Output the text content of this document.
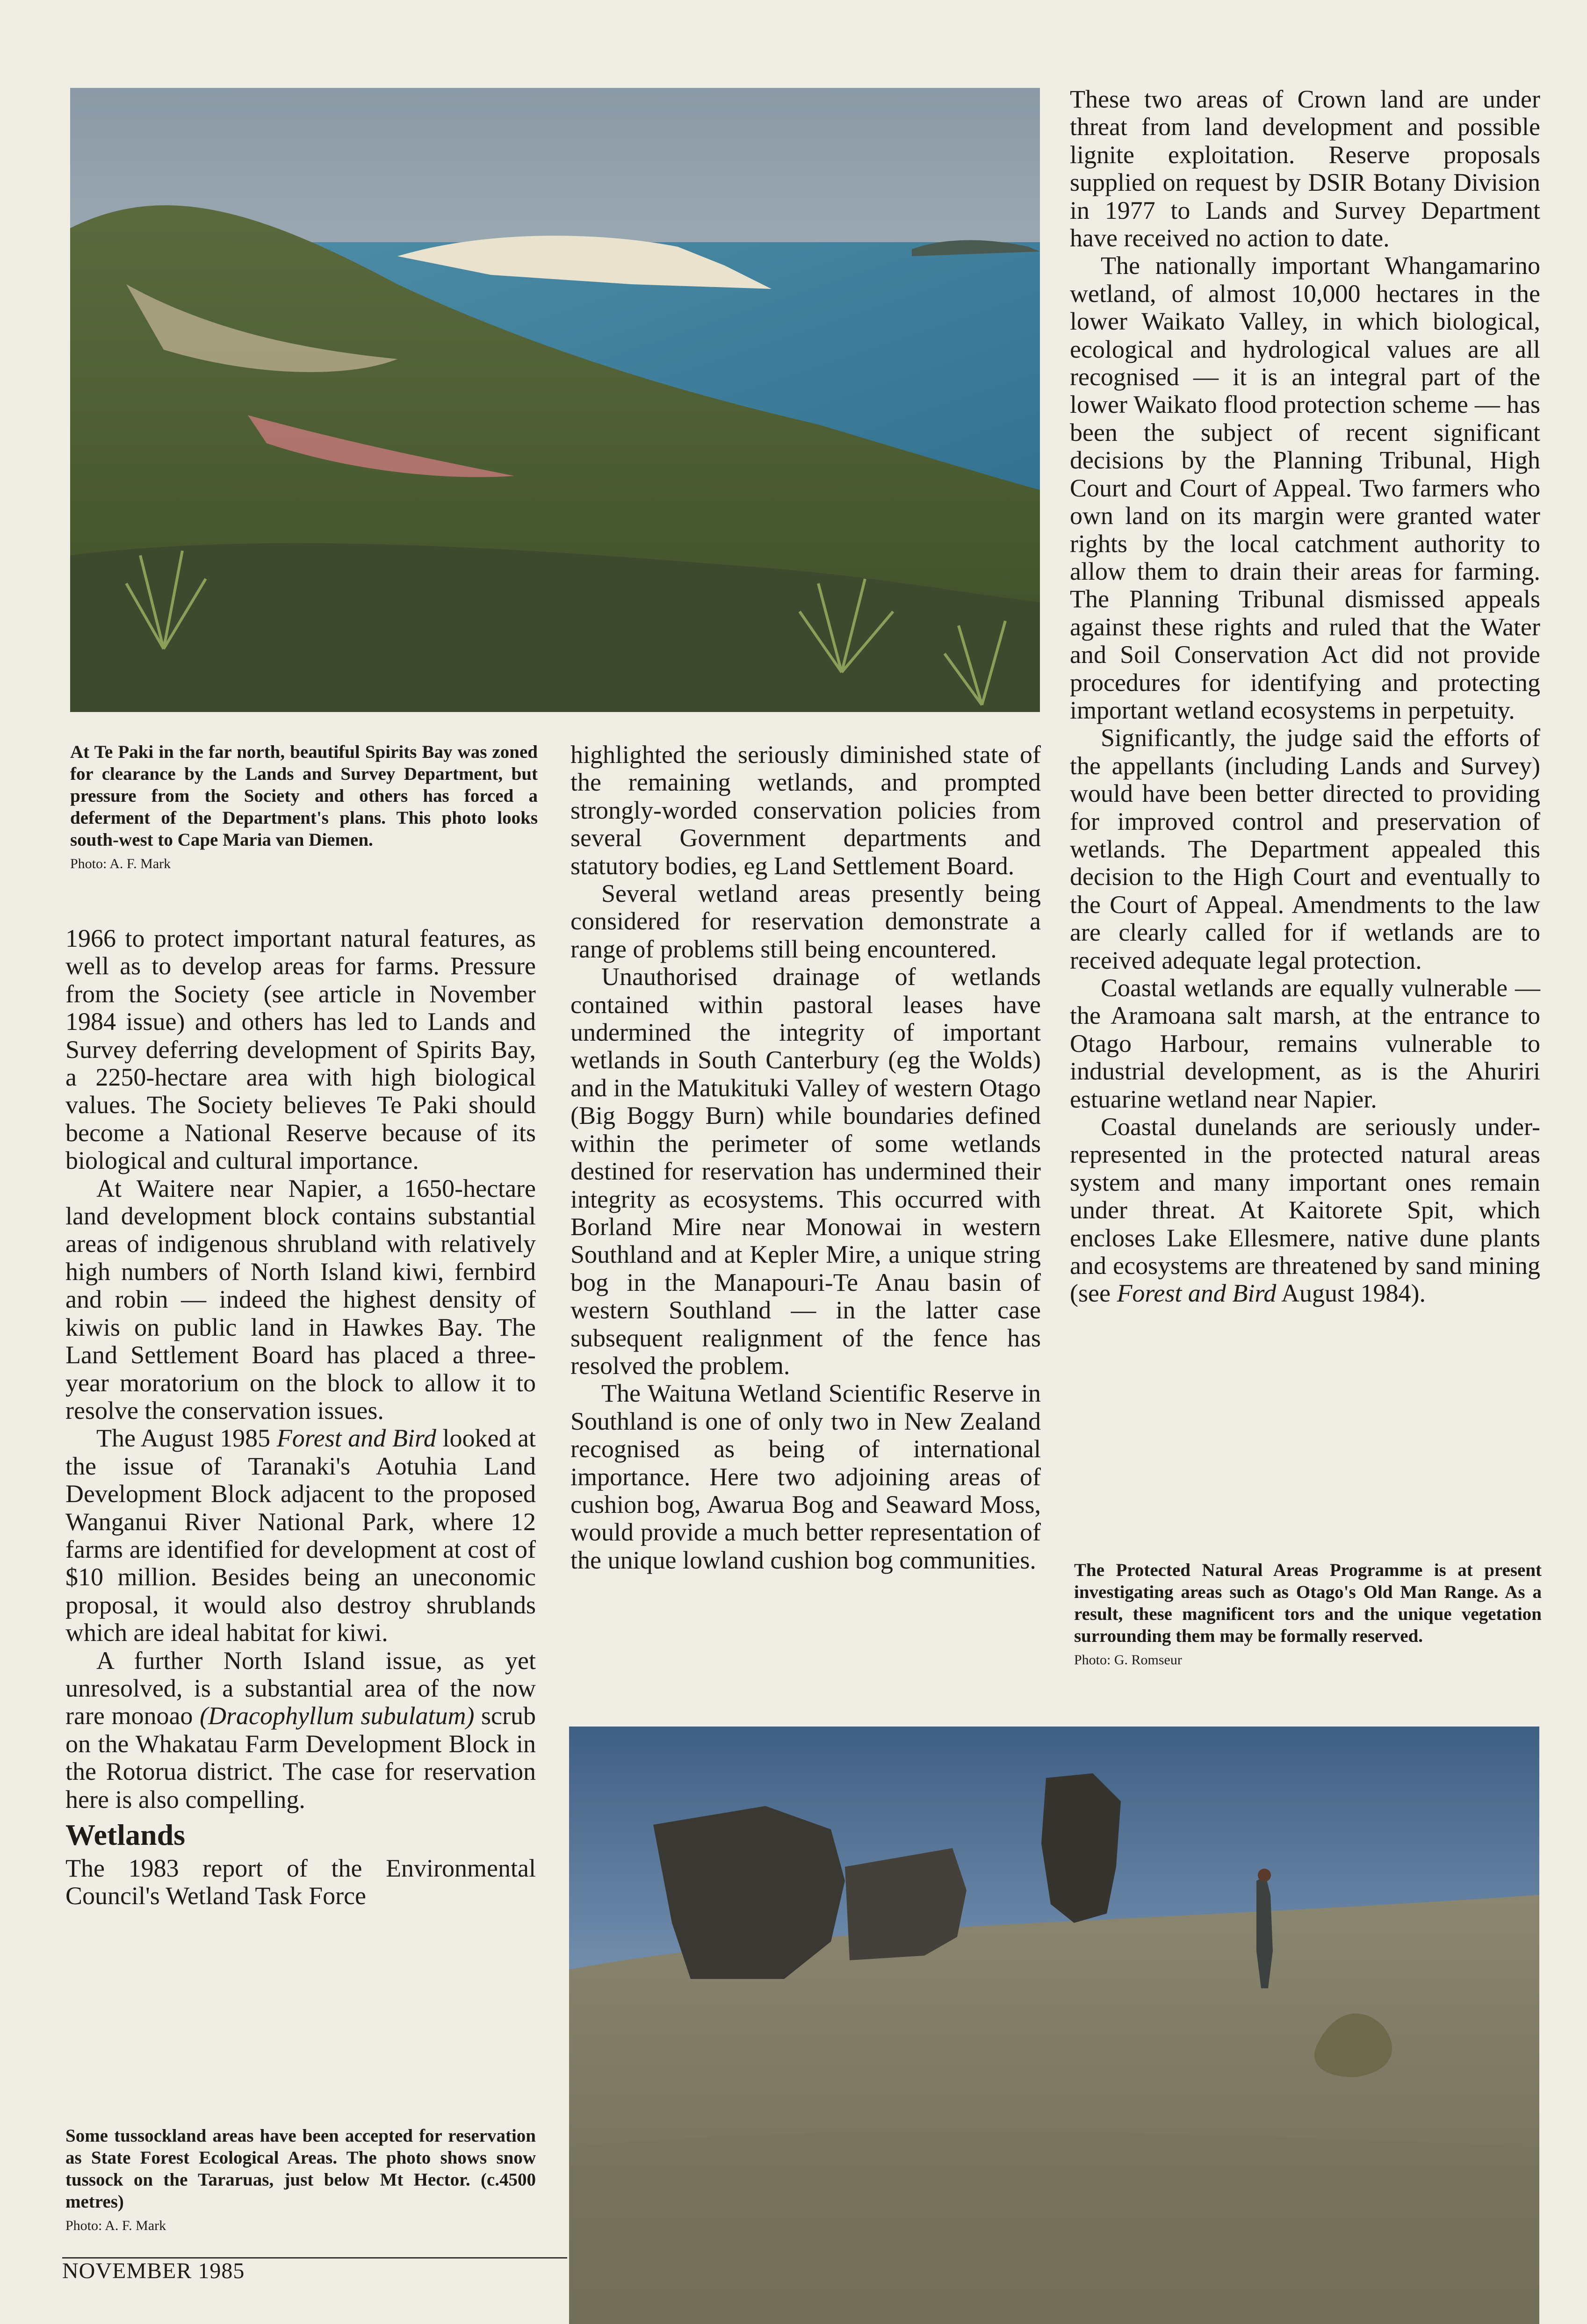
At Te Paki in the far north, beautiful Spirits Bay was zoned for clearance by the Lands and Survey Department, but pressure from the Society and others has forced a deferment of the Department's plans. This photo looks south-west to Cape Maria van Diemen.
Photo: A. F. Mark

1966 to protect important natural features, as well as to develop areas for farms. Pressure from the Society (see article in November 1984 issue) and others has led to Lands and Survey deferring development of Spirits Bay, a 2250-hectare area with high biological values. The Society believes Te Paki should become a National Reserve because of its biological and cultural importance.

At Waitere near Napier, a 1650-hectare land development block contains substantial areas of indigenous shrubland with relatively high numbers of North Island kiwi, fernbird and robin — indeed the highest density of kiwis on public land in Hawkes Bay. The Land Settlement Board has placed a three-year moratorium on the block to allow it to resolve the conservation issues.

The August 1985 Forest and Bird looked at the issue of Taranaki's Aotuhia Land Development Block adjacent to the proposed Wanganui River National Park, where 12 farms are identified for development at cost of $10 million. Besides being an uneconomic proposal, it would also destroy shrublands which are ideal habitat for kiwi.

A further North Island issue, as yet unresolved, is a substantial area of the now rare monoao (Dracophyllum subulatum) scrub on the Whakatau Farm Development Block in the Rotorua district. The case for reservation here is also compelling.

Wetlands

The 1983 report of the Environmental Council's Wetland Task Force

Some tussockland areas have been accepted for reservation as State Forest Ecological Areas. The photo shows snow tussock on the Tararuas, just below Mt Hector. (c.4500 metres)
Photo: A. F. Mark

highlighted the seriously diminished state of the remaining wetlands, and prompted strongly-worded conservation policies from several Government departments and statutory bodies, eg Land Settlement Board.

Several wetland areas presently being considered for reservation demonstrate a range of problems still being encountered.

Unauthorised drainage of wetlands contained within pastoral leases have undermined the integrity of important wetlands in South Canterbury (eg the Wolds) and in the Matukituki Valley of western Otago (Big Boggy Burn) while boundaries defined within the perimeter of some wetlands destined for reservation has undermined their integrity as ecosystems. This occurred with Borland Mire near Monowai in western Southland and at Kepler Mire, a unique string bog in the Manapouri-Te Anau basin of western Southland — in the latter case subsequent realignment of the fence has resolved the problem.

The Waituna Wetland Scientific Reserve in Southland is one of only two in New Zealand recognised as being of international importance. Here two adjoining areas of cushion bog, Awarua Bog and Seaward Moss, would provide a much better representation of the unique lowland cushion bog communities.

These two areas of Crown land are under threat from land development and possible lignite exploitation. Reserve proposals supplied on request by DSIR Botany Division in 1977 to Lands and Survey Department have received no action to date.

The nationally important Whangamarino wetland, of almost 10,000 hectares in the lower Waikato Valley, in which biological, ecological and hydrological values are all recognised — it is an integral part of the lower Waikato flood protection scheme — has been the subject of recent significant decisions by the Planning Tribunal, High Court and Court of Appeal. Two farmers who own land on its margin were granted water rights by the local catchment authority to allow them to drain their areas for farming. The Planning Tribunal dismissed appeals against these rights and ruled that the Water and Soil Conservation Act did not provide procedures for identifying and protecting important wetland ecosystems in perpetuity.

Significantly, the judge said the efforts of the appellants (including Lands and Survey) would have been better directed to providing for improved control and preservation of wetlands. The Department appealed this decision to the High Court and eventually to the Court of Appeal. Amendments to the law are clearly called for if wetlands are to received adequate legal protection.

Coastal wetlands are equally vulnerable — the Aramoana salt marsh, at the entrance to Otago Harbour, remains vulnerable to industrial development, as is the Ahuriri estuarine wetland near Napier.

Coastal dunelands are seriously under-represented in the protected natural areas system and many important ones remain under threat. At Kaitorete Spit, which encloses Lake Ellesmere, native dune plants and ecosystems are threatened by sand mining (see Forest and Bird August 1984).

The Protected Natural Areas Programme is at present investigating areas such as Otago's Old Man Range. As a result, these magnificent tors and the unique vegetation surrounding them may be formally reserved.
Photo: G. Romseur
NOVEMBER 1985
